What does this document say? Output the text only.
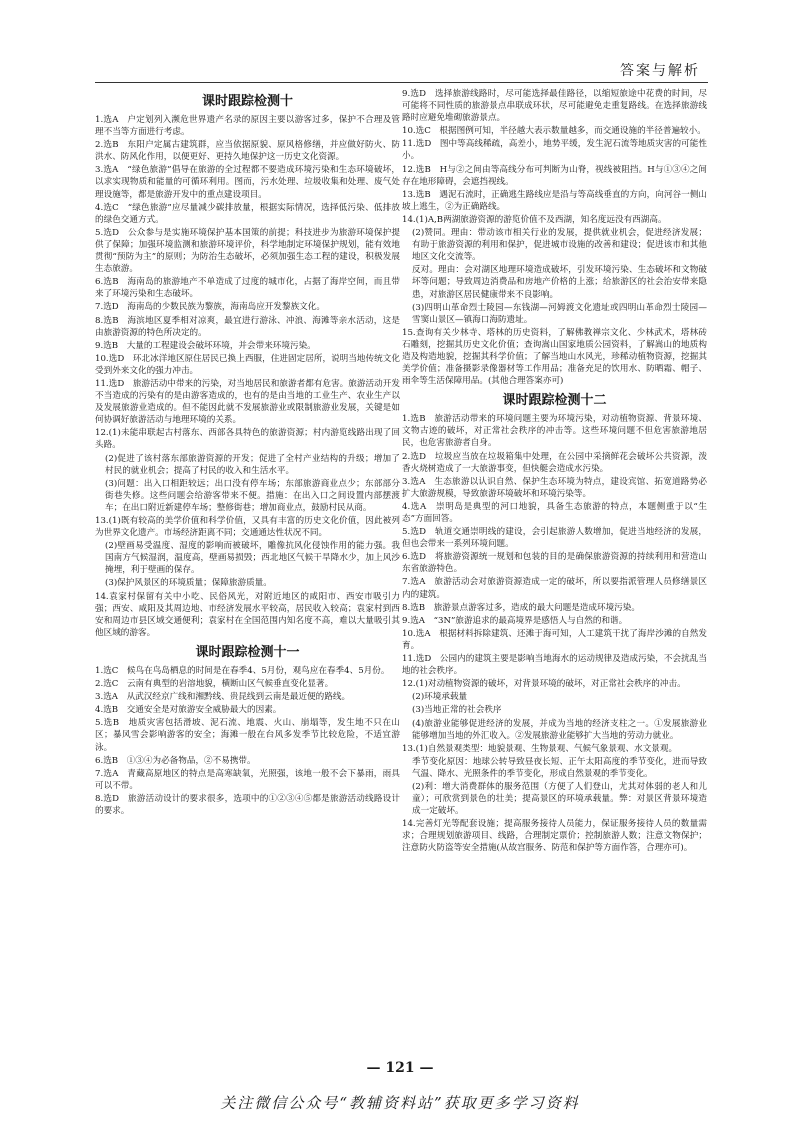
答案与解析
课时跟踪检测十
1.选A　户定划列入濒危世界遗产名录的原因主要以游客过多，保护不合理及管理不当等方面进行考虑。
2.选B　东阳户定属古建筑群，应当依据原貌、原风格修缮，并应做好防火、防洪水、防风化作用，以便更好、更持久地保护这一历史文化资源。
3.选A　“绿色旅游”倡导在旅游的全过程都不要造成环境污染和生态环境破坏，以求实现物质和能量的可循环利用。图而，污水处理、垃圾收集和处理、废气处理设施等，都是旅游开发中的重点建设项目。
4.选C　“绿色旅游”应尽量减少碳排放量，根据实际情况，选择低污染、低排放的绿色交通方式。
5.选D　公众参与是实施环境保护基本国策的前提；科技进步为旅游环境保护提供了保障；加强环境监测和旅游环境评价，科学地制定环境保护规划，能有效地贯彻“预防为主”的原则；为防治生态破坏，必须加强生态工程的建设，积极发展生态旅游。
6.选B　海南岛的旅游地产不单造成了过度的城市化，占据了海岸空间，而且带来了环境污染和生态破坏。
7.选D　海南岛的少数民族为黎族，海南岛应开发黎族文化。
8.选B　海滨地区夏季相对凉爽，最宜进行游泳、冲浪、海滩等亲水活动，这是由旅游资源的特色所决定的。
9.选B　大量的工程建设会破坏环境，并会带来环境污染。
10.选D　环北冰洋地区原住居民已换上西服，住进固定居所，说明当地传统文化受到外来文化的强力冲击。
11.选D　旅游活动中带来的污染，对当地居民和旅游者都有危害。旅游活动开发不当造成的污染有的是由游客造成的，也有的是由当地的工业生产、农业生产以及发展旅游业造成的。但不能因此就不发展旅游业或限制旅游业发展，关键是如何协调好旅游活动与地理环境的关系。
12.(1)未能串联起古村落东、西部各具特色的旅游资源；村内游览线路出现了回头路。
(2)促进了该村落东部旅游资源的开发；促进了全村产业结构的升级；增加了村民的就业机会；提高了村民的收入和生活水平。
(3)问题：出入口相距较远；出口没有停车场；东部旅游商业点少；东部部分街巷失修。这些问题会给游客带来不便。措施：在出入口之间设置内部摆渡车；在出口附近新建停车场；整修街巷；增加商业点，鼓励村民从商。
13.(1)既有较高的美学价值和科学价值，又具有丰富的历史文化价值，因此被列为世界文化遗产。市场经济距离不同；交通通达性状况不同。
(2)壁画易受温度、湿度的影响而被破坏，雕像抗风化侵蚀作用的能力强。我国南方气候湿润，温度高，壁画易损毁；西北地区气候干旱降水少，加上风沙掩埋，利于壁画的保存。
(3)保护风景区的环境质量；保障旅游质量。
14.袁家村保留有关中小吃、民俗风光，对附近地区的咸阳市、西安市吸引力强；西安、咸阳及其周边地、市经济发展水平较高，居民收入较高；袁家村到西安和周边市县区域交通便利；袁家村在全国范围内知名度不高，难以大量吸引其他区域的游客。
课时跟踪检测十一
1.选C　候鸟在鸟岛栖息的时间是在春季4、5月份，观鸟应在春季4、5月份。
2.选C　云南有典型的岩溶地貌，横断山区气候垂直变化显著。
3.选A　从武汉经京广线和湘黔线、贵昆线到云南是最近便的路线。
4.选B　交通安全是对旅游安全威胁最大的因素。
5.选B　地质灾害包括滑坡、泥石流、地震、火山、崩塌等，发生地不只在山区；暴风雪会影响游客的安全；海滩一般在台风多发季节比较危险，不适宜游泳。
6.选B　①③④为必备物品，②不易携带。
7.选A　青藏高原地区的特点是高寒缺氧，光照强，该地一般不会下暴雨，雨具可以不带。
8.选D　旅游活动设计的要求很多，选项中的①②③④⑤都是旅游活动线路设计的要求。
9.选D　选择旅游线路时，尽可能选择最佳路径，以缩短旅途中花费的时间，尽可能将不同性质的旅游景点串联成环状，尽可能避免走重复路线。在选择旅游线路时应避免堆砌旅游景点。
10.选C　根据图例可知，半径越大表示数量越多，而交通设施的半径普遍较小。
11.选D　图中等高线稀疏，高差小，地势平缓，发生泥石流等地质灾害的可能性小。
12.选B　H与②之间由等高线分布可判断为山脊，视线被阻挡。H与①③④之间存在地形障碍，会遮挡视线。
13.选B　遇泥石流时，正确逃生路线应是沿与等高线垂直的方向，向河谷一侧山坡上逃生，②为正确路线。
14.(1)A,B两湖旅游资源的游览价值不及西湖，知名度远没有西湖高。
(2)赞同。理由：带动该市相关行业的发展，提供就业机会，促进经济发展；有助于旅游资源的利用和保护，促进城市设施的改善和建设；促进该市和其他地区文化交流等。
反对。理由：会对湖区地理环境造成破坏，引发环境污染、生态破坏和文物破坏等问题；导致周边消费品和房地产价格的上涨；给旅游区的社会治安带来隐患，对旅游区居民健康带来不良影响。
(3)四明山革命烈士陵园—东钱湖—河姆渡文化遗址或四明山革命烈士陵园—雪窦山景区—镇海口海防遗址。
15.查询有关少林寺、塔林的历史资料，了解佛教禅宗文化、少林武术，塔林砖石雕刻，挖掘其历史文化价值；查询嵩山国家地质公园资料，了解嵩山的地质构造及构造地貌，挖掘其科学价值；了解当地山水风光，珍稀动植物资源，挖掘其美学价值；准备摄影录像器材等工作用品；准备充足的饮用水、防晒霜、帽子、雨伞等生活保障用品。(其他合理答案亦可)
课时跟踪检测十二
1.选B　旅游活动带来的环境问题主要为环境污染，对动植物资源、背景环境、文物古迹的破坏，对正常社会秩序的冲击等。这些环境问题不但危害旅游地居民，也危害旅游者自身。
2.选D　垃圾应当放在垃圾箱集中处理，在公园中采摘鲜花会破坏公共资源，泼香火烧树造成了一大旅游事变，但快艇会造成水污染。
3.选A　生态旅游以认识自然、保护生态环境为特点，建设宾馆、拓宽道路势必扩大旅游规模，导致旅游环境破坏和环境污染等。
4.选A　崇明岛是典型的河口地貌，具备生态旅游的特点，本题侧重于以“生态”方面回答。
5.选D　轨道交通崇明线的建设，会引起旅游人数增加，促进当地经济的发展，但也会带来一系列环境问题。
6.选D　将旅游资源统一规划和包装的目的是确保旅游资源的持续利用和营造山东省旅游特色。
7.选A　旅游活动会对旅游资源造成一定的破坏，所以要指派管理人员修缮景区内的建筑。
8.选B　旅游景点游客过多，造成的最大问题是造成环境污染。
9.选A　“3N”旅游追求的最高境界是感悟人与自然的和谐。
10.选A　根据材料拆除建筑、还滩于海可知，人工建筑干扰了海岸沙滩的自然发育。
11.选D　公园内的建筑主要是影响当地海水的运动规律及造成污染，不会扰乱当地的社会秩序。
12.(1)对动植物资源的破坏，对背景环境的破坏，对正常社会秩序的冲击。
(2)环境承载量
(3)当地正常的社会秩序
(4)旅游业能够促进经济的发展，并成为当地的经济支柱之一。①发展旅游业能够增加当地的外汇收入。②发展旅游业能够扩大当地的劳动力就业。
13.(1)自然景观类型：地貌景观、生物景观、气候气象景观、水文景观。
季节变化原因：地球公转导致昼夜长短、正午太阳高度的季节变化，进而导致气温、降水、光照条件的季节变化，形成自然景观的季节变化。
(2)利：增大消费群体的服务范围（方便了人们登山，尤其对体弱的老人和儿童）；可欣赏到景色的壮美；提高景区的环境承载量。弊：对景区背景环境造成一定破坏。
14.完善灯光等配套设施；提高服务接待人员能力，保证服务接待人员的数量需求；合理规划旅游项目、线路，合理制定票价；控制旅游人数；注意文物保护；注意防火防盗等安全措施(从故宫服务、防范和保护等方面作答，合理亦可)。
— 121 —
关注微信公众号“教辅资料站”获取更多学习资料
